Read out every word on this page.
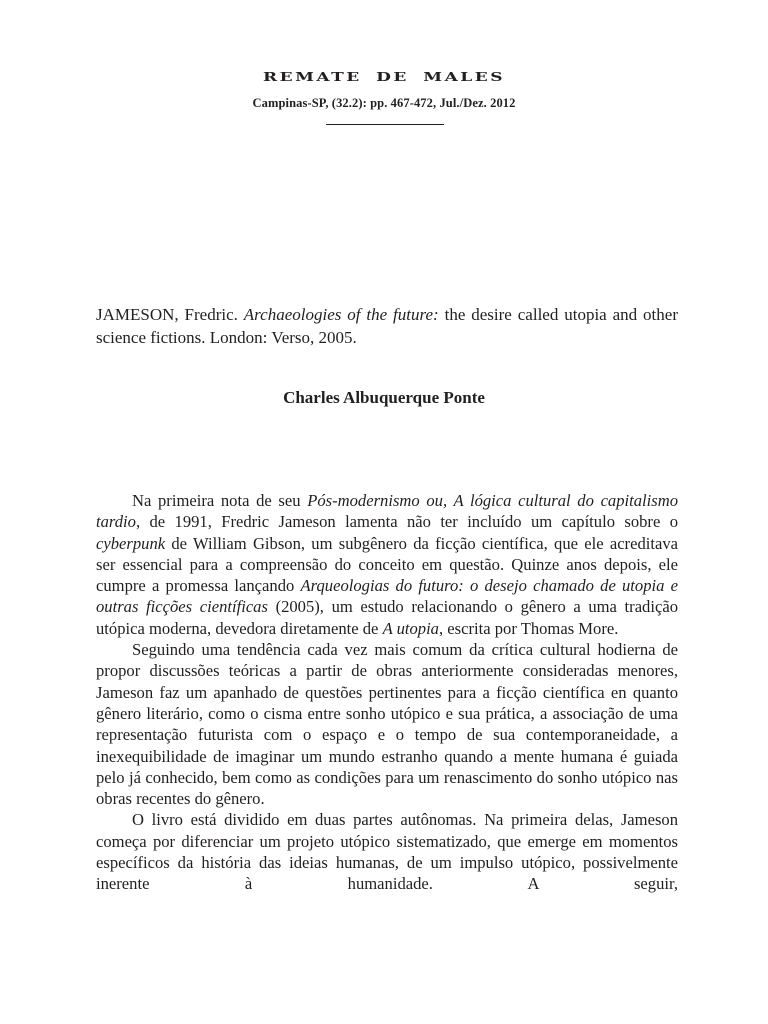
REMATE DE MALES
Campinas-SP, (32.2): pp. 467-472, Jul./Dez. 2012
JAMESON, Fredric. Archaeologies of the future: the desire called utopia and other science fictions. London: Verso, 2005.
Charles Albuquerque Ponte

Na primeira nota de seu Pós-modernismo ou, A lógica cultural do capitalismo tardio, de 1991, Fredric Jameson lamenta não ter incluído um capítulo sobre o cyberpunk de William Gibson, um subgênero da ficção científica, que ele acreditava ser essencial para a compreensão do conceito em questão. Quinze anos depois, ele cumpre a promessa lançando Arqueologias do futuro: o desejo chamado de utopia e outras ficções científicas (2005), um estudo relacionando o gênero a uma tradição utópica moderna, devedora diretamente de A utopia, escrita por Thomas More.

Seguindo uma tendência cada vez mais comum da crítica cultural hodierna de propor discussões teóricas a partir de obras anteriormente consideradas menores, Jameson faz um apanhado de questões pertinentes para a ficção científica en quanto gênero literário, como o cisma entre sonho utópico e sua prática, a associação de uma representação futurista com o espaço e o tempo de sua contemporaneidade, a inexequibilidade de imaginar um mundo estranho quando a mente humana é guiada pelo já conhecido, bem como as condições para um renascimento do sonho utópico nas obras recentes do gênero.

O livro está dividido em duas partes autônomas. Na primeira delas, Jameson começa por diferenciar um projeto utópico sistematizado, que emerge em momentos específicos da história das ideias humanas, de um impulso utópico, possivelmente inerente à humanidade. A seguir,
